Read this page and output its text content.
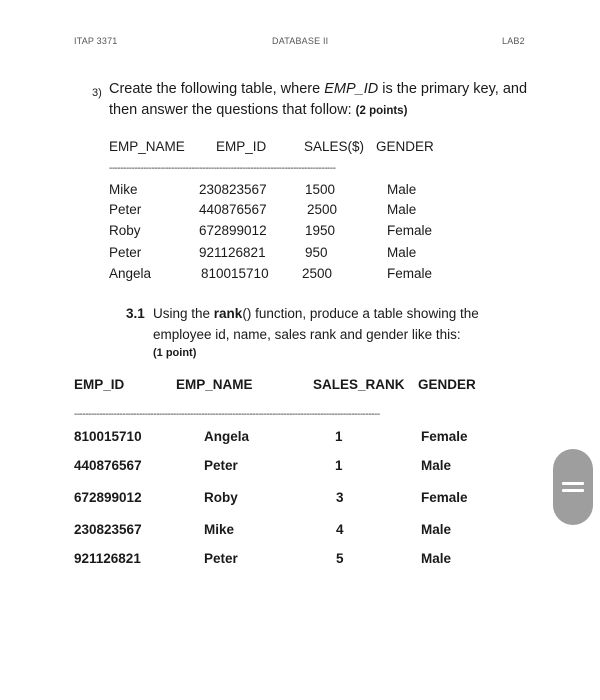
ITAP 3371	DATABASE II	LAB2
3) Create the following table, where EMP_ID is the primary key, and
then answer the questions that follow: (2 points)
EMP_NAME EMP_ID	SALES($) GENDER
--------------------------------------------------------------------------------
Mike	230823567	1500	Male
Peter	440876567	2500	Male
Roby	672899012	1950	Female
Peter	921126821	950	Male
Angela	810015710 2500	Female
3.1 Using the rank() function, produce a table showing the
employee id, name, sales rank and gender like this:
(1 point)
EMP_ID	EMP_NAME	SALES_RANK GENDER
------------------------------------------------------------------------------------------------------------
810015710	Angela	1	Female
440876567	Peter	1	Male
672899012	Roby	3	Female
230823567	Mike	4	Male
921126821	Peter	5	Male
